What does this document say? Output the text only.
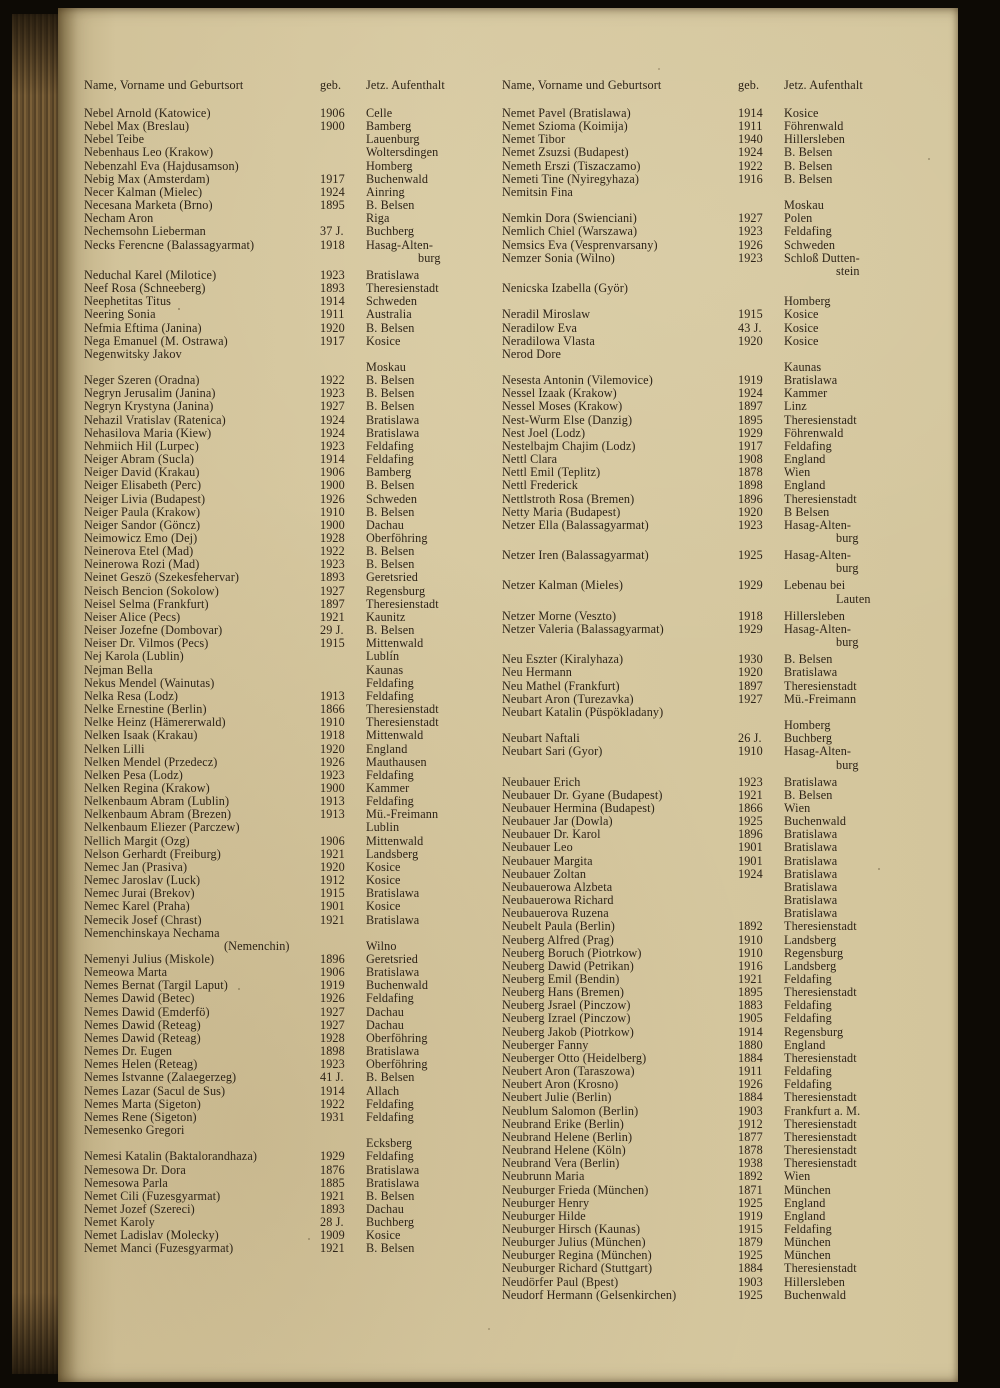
Name, Vorname und Geburtsort	geb.	Jetz. Aufenthalt
Nebel Arnold (Katowice)	1906	Celle
Nebel Max (Breslau)	1900	Bamberg
Nebel Teibe	Lauenburg
Nebenhaus Leo (Krakow)	Woltersdingen
Nebenzahl Eva (Hajdusamson)	Homberg
Nebig Max (Amsterdam)	1917	Buchenwald
Necer Kalman (Mielec)	1924	Ainring
Necesana Marketa (Brno)	1895	B. Belsen
Necham Aron	Riga
Nechemsohn Lieberman	37 J.	Buchberg
Necks Ferencne (Balassagyarmat)	1918	Hasag-Alten-
burg
Neduchal Karel (Milotice)	1923	Bratislawa
Neef Rosa (Schneeberg)	1893	Theresienstadt
Neephetitas Titus	1914	Schweden
Neering Sonia	1911	Australia
Nefmia Eftima (Janina)	1920	B. Belsen
Nega Emanuel (M. Ostrawa)	1917	Kosice
Negenwitsky Jakov

Moskau
Neger Szeren (Oradna)	1922	B. Belsen
Negryn Jerusalim (Janina)	1923	B. Belsen
Negryn Krystyna (Janina)	1927	B. Belsen
Nehazil Vratislav (Ratenica)	1924	Bratislawa
Nehasilova Maria (Kiew)	1924	Bratislawa
Nehmiich Hil (Lurpec)	1923	Feldafing
Neiger Abram (Sucla)	1914	Feldafing
Neiger David (Krakau)	1906	Bamberg
Neiger Elisabeth (Perc)	1900	B. Belsen
Neiger Livia (Budapest)	1926	Schweden
Neiger Paula (Krakow)	1910	B. Belsen
Neiger Sandor (Göncz)	1900	Dachau
Neimowicz Emo (Dej)	1928	Oberföhring
Neinerova Etel (Mad)	1922	B. Belsen
Neinerowa Rozi (Mad)	1923	B. Belsen
Neinet Geszö (Szekesfehervar)	1893	Geretsried
Neisch Bencion (Sokolow)	1927	Regensburg
Neisel Selma (Frankfurt)	1897	Theresienstadt
Neiser Alice (Pecs)	1921	Kaunitz
Neiser Jozefne (Dombovar)	29 J.	B. Belsen
Neiser Dr. Vilmos (Pecs)	1915	Mittenwald
Nej Karola (Lublin)	Lublin
Nejman Bella	Kaunas
Nekus Mendel (Wainutas)	Feldafing
Nelka Resa (Lodz)	1913	Feldafing
Nelke Ernestine (Berlin)	1866	Theresienstadt
Nelke Heinz (Hämererwald)	1910	Theresienstadt
Nelken Isaak (Krakau)	1918	Mittenwald
Nelken Lilli	1920	England
Nelken Mendel (Przedecz)	1926	Mauthausen
Nelken Pesa (Lodz)	1923	Feldafing
Nelken Regina (Krakow)	1900	Kammer
Nelkenbaum Abram (Lublin)	1913	Feldafing
Nelkenbaum Abram (Brezen)	1913	Mü.-Freimann
Nelkenbaum Eliezer (Parczew)	Lublin
Nellich Margit (Ozg)	1906	Mittenwald
Nelson Gerhardt (Freiburg)	1921	Landsberg
Nemec Jan (Prasiva)	1920	Kosice
Nemec Jaroslav (Luck)	1912	Kosice
Nemec Jurai (Brekov)	1915	Bratislawa
Nemec Karel (Praha)	1901	Kosice
Nemecik Josef (Chrast)	1921	Bratislawa
Nemenchinskaya Nechama
(Nemenchin)
	Wilno
Nemenyi Julius (Miskole)	1896	Geretsried
Nemeowa Marta	1906	Bratislawa
Nemes Bernat (Targil Laput)	1919	Buchenwald
Nemes Dawid (Betec)	1926	Feldafing
Nemes Dawid (Emderfö)	1927	Dachau
Nemes Dawid (Reteag)	1927	Dachau
Nemes Dawid (Reteag)	1928	Oberföhring
Nemes Dr. Eugen	1898	Bratislawa
Nemes Helen (Reteag)	1923	Oberföhring
Nemes Istvanne (Zalaegerzeg)	41 J.	B. Belsen
Nemes Lazar (Sacul de Sus)	1914	Allach
Nemes Marta (Sigeton)	1922	Feldafing
Nemes Rene (Sigeton)	1931	Feldafing
Nemesenko Gregori

Ecksberg
Nemesi Katalin (Baktalorandhaza)	1929	Feldafing
Nemesowa Dr. Dora	1876	Bratislawa
Nemesowa Parla	1885	Bratislawa
Nemet Cili (Fuzesgyarmat)	1921	B. Belsen
Nemet Jozef (Szereci)	1893	Dachau
Nemet Karoly	28 J.	Buchberg
Nemet Ladislav (Molecky)	1909	Kosice
Nemet Manci (Fuzesgyarmat)	1921	B. Belsen
Name, Vorname und Geburtsort	geb.	Jetz. Aufenthalt
Nemet Pavel (Bratislawa)	1914	Kosice
Nemet Szioma (Koimija)	1911	Föhrenwald
Nemet Tibor	1940	Hillersleben
Nemet Zsuzsi (Budapest)	1924	B. Belsen
Nemeth Erszi (Tiszaczamo)	1922	B. Belsen
Nemeti Tine (Nyiregyhaza)	1916	B. Belsen
Nemitsin Fina

Moskau
Nemkin Dora (Swienciani)	1927	Polen
Nemlich Chiel (Warszawa)	1923	Feldafing
Nemsics Eva (Vesprenvarsany)	1926	Schweden
Nemzer Sonia (Wilno)	1923	Schloß Dutten-
stein
Nenicska Izabella (Györ)

Homberg
Neradil Miroslaw	1915	Kosice
Neradilow Eva	43 J.	Kosice
Neradilowa Vlasta	1920	Kosice
Nerod Dore

Kaunas
Nesesta Antonin (Vilemovice)	1919	Bratislawa
Nessel Izaak (Krakow)	1924	Kammer
Nessel Moses (Krakow)	1897	Linz
Nest-Wurm Else (Danzig)	1895	Theresienstadt
Nest Joel (Lodz)	1929	Föhrenwald
Nestelbajm Chajim (Lodz)	1917	Feldafing
Nettl Clara	1908	England
Nettl Emil (Teplitz)	1878	Wien
Nettl Frederick	1898	England
Nettlstroth Rosa (Bremen)	1896	Theresienstadt
Netty Maria (Budapest)	1920	B Belsen
Netzer Ella (Balassagyarmat)	1923	Hasag-Alten-
burg
Netzer Iren (Balassagyarmat)	1925	Hasag-Alten-
burg
Netzer Kalman (Mieles)	1929	Lebenau bei
Lauten
Netzer Morne (Veszto)	1918	Hillersleben
Netzer Valeria (Balassagyarmat)	1929	Hasag-Alten-
burg
Neu Eszter (Kiralyhaza)	1930	B. Belsen
Neu Hermann	1920	Bratislawa
Neu Mathel (Frankfurt)	1897	Theresienstadt
Neubart Aron (Turezavka)	1927	Mü.-Freimann
Neubart Katalin (Püspökladany)

Homberg
Neubart Naftali	26 J.	Buchberg
Neubart Sari (Gyor)	1910	Hasag-Alten-
burg
Neubauer Erich	1923	Bratislawa
Neubauer Dr. Gyane (Budapest)	1921	B. Belsen
Neubauer Hermina (Budapest)	1866	Wien
Neubauer Jar (Dowla)	1925	Buchenwald
Neubauer Dr. Karol	1896	Bratislawa
Neubauer Leo	1901	Bratislawa
Neubauer Margita	1901	Bratislawa
Neubauer Zoltan	1924	Bratislawa
Neubauerowa Alzbeta	Bratislawa
Neubauerowa Richard	Bratislawa
Neubauerova Ruzena	Bratislawa
Neubelt Paula (Berlin)	1892	Theresienstadt
Neuberg Alfred (Prag)	1910	Landsberg
Neuberg Boruch (Piotrkow)	1910	Regensburg
Neuberg Dawid (Petrikan)	1916	Landsberg
Neuberg Emil (Bendin)	1921	Feldafing
Neuberg Hans (Bremen)	1895	Theresienstadt
Neuberg Jsrael (Pinczow)	1883	Feldafing
Neuberg Izrael (Pinczow)	1905	Feldafing
Neuberg Jakob (Piotrkow)	1914	Regensburg
Neuberger Fanny	1880	England
Neuberger Otto (Heidelberg)	1884	Theresienstadt
Neubert Aron (Taraszowa)	1911	Feldafing
Neubert Aron (Krosno)	1926	Feldafing
Neubert Julie (Berlin)	1884	Theresienstadt
Neublum Salomon (Berlin)	1903	Frankfurt a. M.
Neubrand Erike (Berlin)	1912	Theresienstadt
Neubrand Helene (Berlin)	1877	Theresienstadt
Neubrand Helene (Köln)	1878	Theresienstadt
Neubrand Vera (Berlin)	1938	Theresienstadt
Neubrunn Maria	1892	Wien
Neuburger Frieda (München)	1871	München
Neuburger Henry	1925	England
Neuburger Hilde	1919	England
Neuburger Hirsch (Kaunas)	1915	Feldafing
Neuburger Julius (München)	1879	München
Neuburger Regina (München)	1925	München
Neuburger Richard (Stuttgart)	1884	Theresienstadt
Neudörfer Paul (Bpest)	1903	Hillersleben
Neudorf Hermann (Gelsenkirchen)	1925	Buchenwald
